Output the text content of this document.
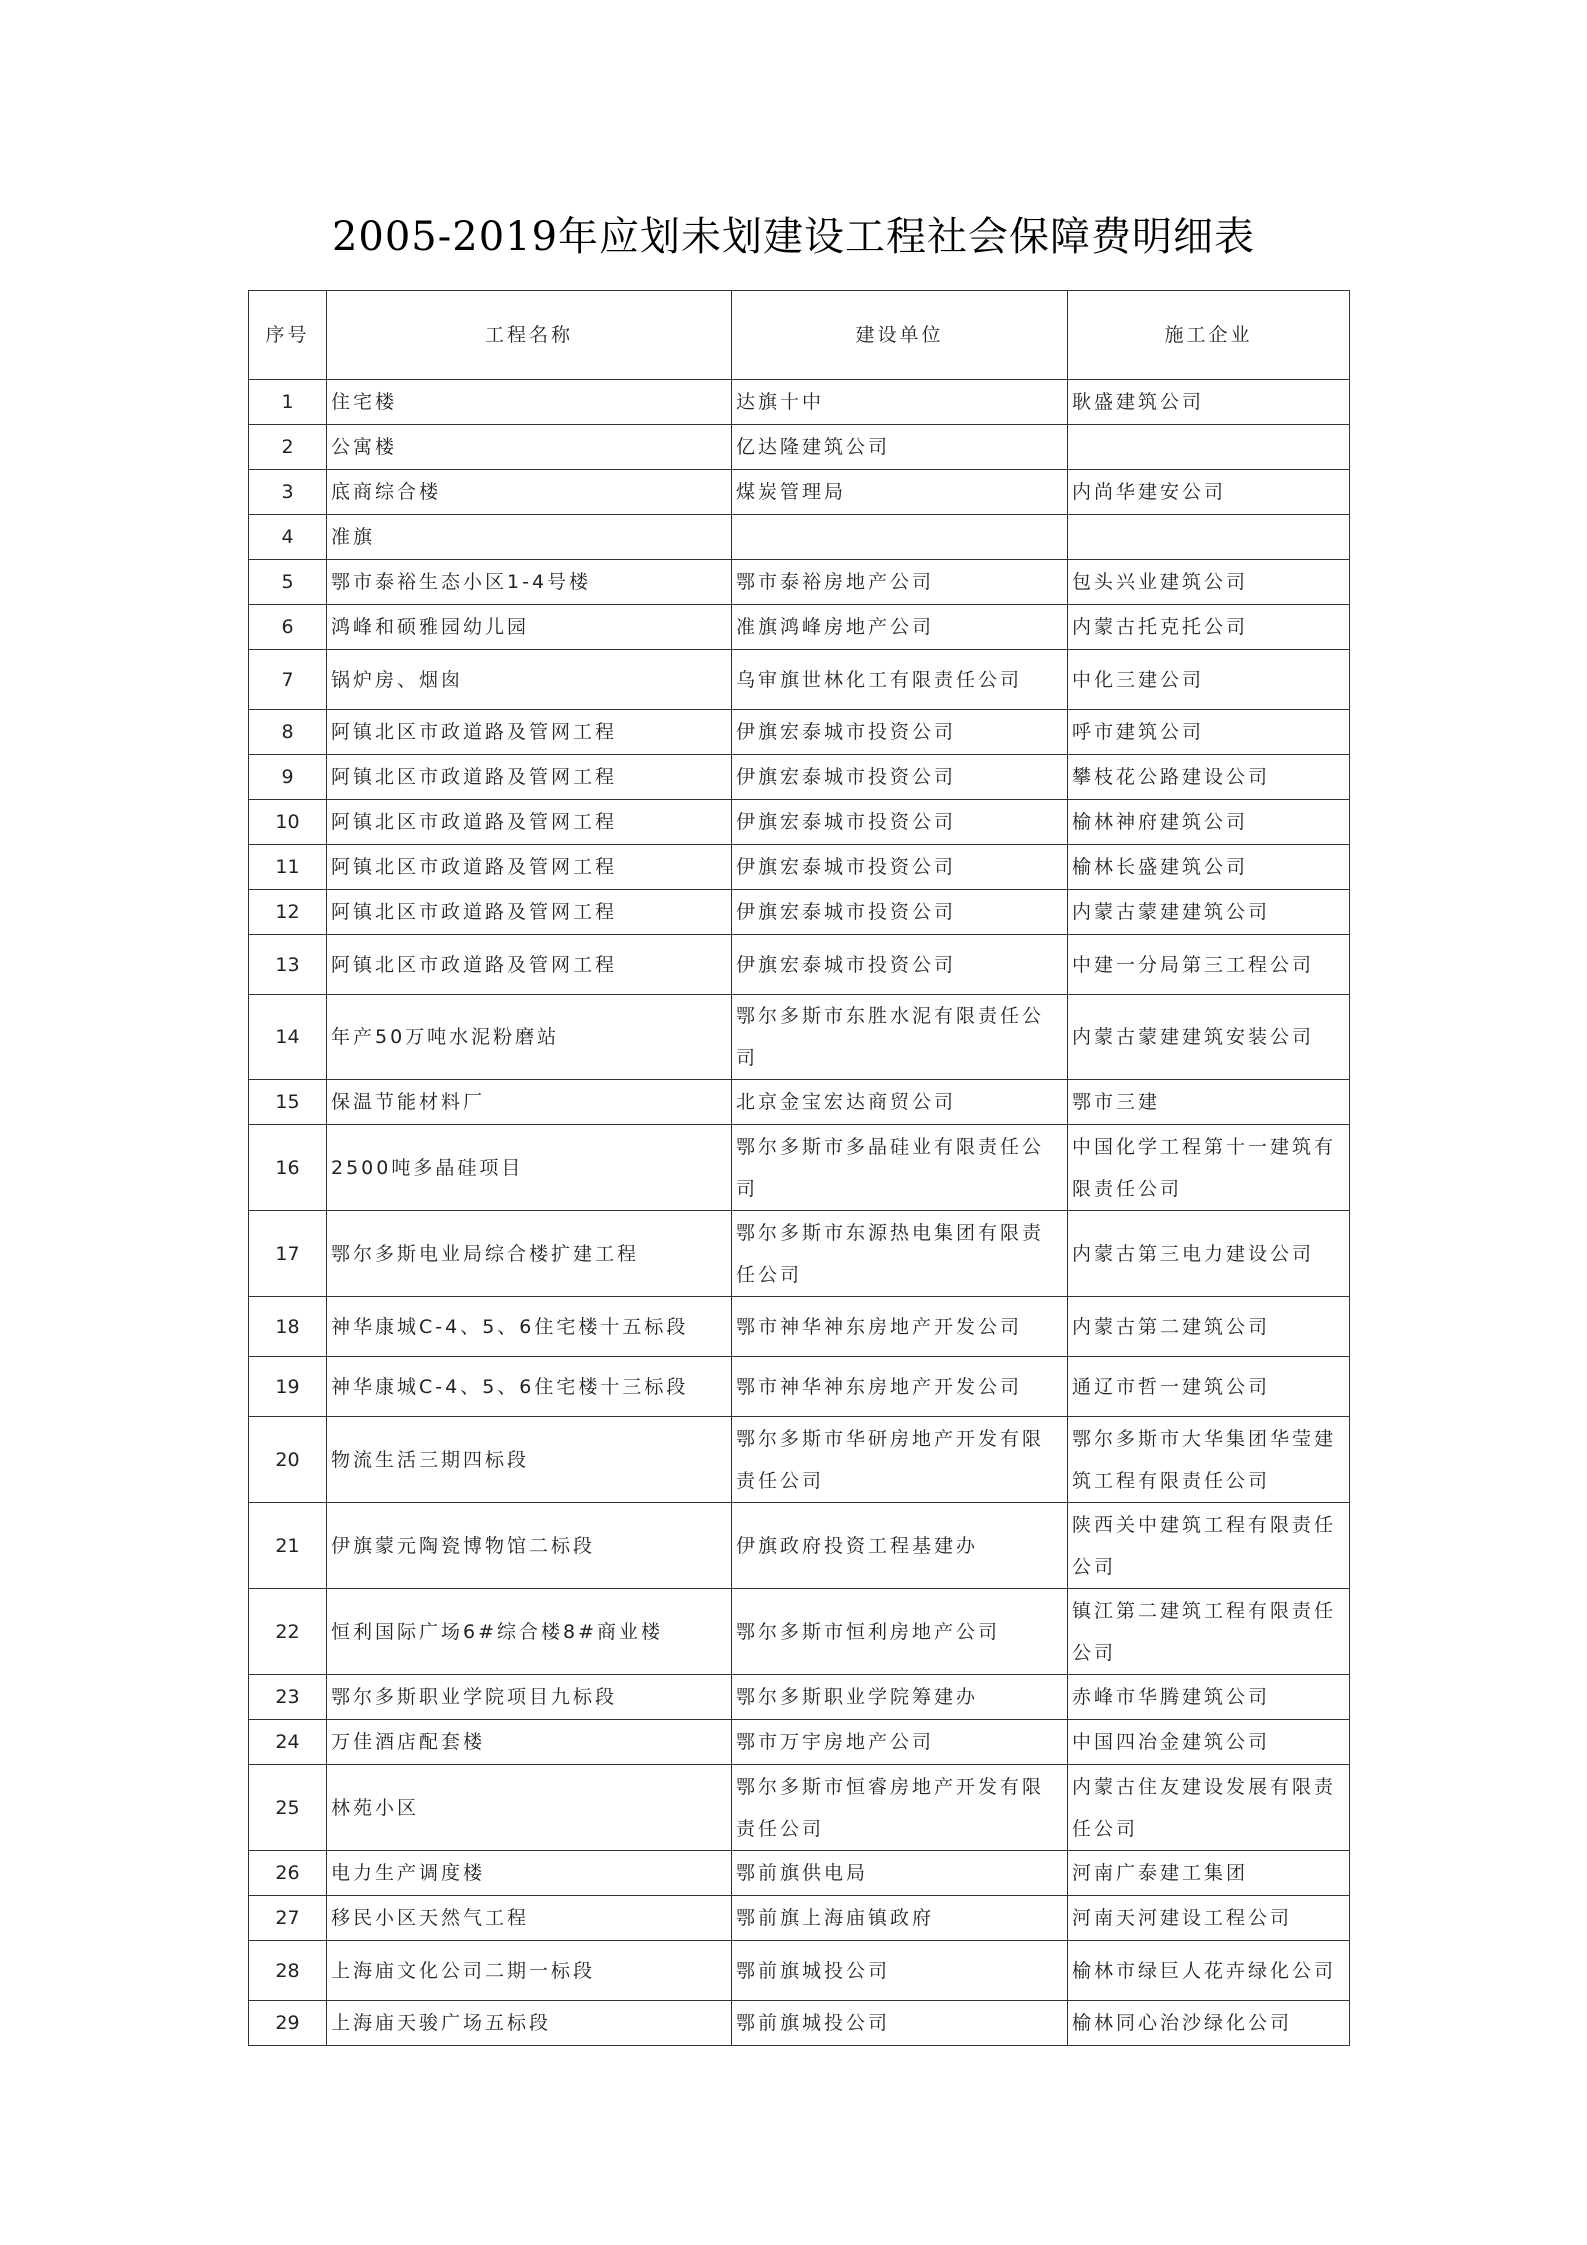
2005-2019年应划未划建设工程社会保障费明细表
序号	工程名称	建设单位	施工企业
1	住宅楼	达旗十中	耿盛建筑公司
2	公寓楼	亿达隆建筑公司	
3	底商综合楼	煤炭管理局	内尚华建安公司
4	准旗		
5	鄂市泰裕生态小区1-4号楼	鄂市泰裕房地产公司	包头兴业建筑公司
6	鸿峰和硕雅园幼儿园	准旗鸿峰房地产公司	内蒙古托克托公司
7	锅炉房、烟囱	乌审旗世林化工有限责任公司	中化三建公司
8	阿镇北区市政道路及管网工程	伊旗宏泰城市投资公司	呼市建筑公司
9	阿镇北区市政道路及管网工程	伊旗宏泰城市投资公司	攀枝花公路建设公司
10	阿镇北区市政道路及管网工程	伊旗宏泰城市投资公司	榆林神府建筑公司
11	阿镇北区市政道路及管网工程	伊旗宏泰城市投资公司	榆林长盛建筑公司
12	阿镇北区市政道路及管网工程	伊旗宏泰城市投资公司	内蒙古蒙建建筑公司
13	阿镇北区市政道路及管网工程	伊旗宏泰城市投资公司	中建一分局第三工程公司
14	年产50万吨水泥粉磨站	鄂尔多斯市东胜水泥有限责任公司	内蒙古蒙建建筑安装公司
15	保温节能材料厂	北京金宝宏达商贸公司	鄂市三建
16	2500吨多晶硅项目	鄂尔多斯市多晶硅业有限责任公司	中国化学工程第十一建筑有限责任公司
17	鄂尔多斯电业局综合楼扩建工程	鄂尔多斯市东源热电集团有限责任公司	内蒙古第三电力建设公司
18	神华康城C-4、5、6住宅楼十五标段	鄂市神华神东房地产开发公司	内蒙古第二建筑公司
19	神华康城C-4、5、6住宅楼十三标段	鄂市神华神东房地产开发公司	通辽市哲一建筑公司
20	物流生活三期四标段	鄂尔多斯市华研房地产开发有限责任公司	鄂尔多斯市大华集团华莹建筑工程有限责任公司
21	伊旗蒙元陶瓷博物馆二标段	伊旗政府投资工程基建办	陕西关中建筑工程有限责任公司
22	恒利国际广场6#综合楼8#商业楼	鄂尔多斯市恒利房地产公司	镇江第二建筑工程有限责任公司
23	鄂尔多斯职业学院项目九标段	鄂尔多斯职业学院筹建办	赤峰市华腾建筑公司
24	万佳酒店配套楼	鄂市万宇房地产公司	中国四冶金建筑公司
25	林苑小区	鄂尔多斯市恒睿房地产开发有限责任公司	内蒙古住友建设发展有限责任公司
26	电力生产调度楼	鄂前旗供电局	河南广泰建工集团
27	移民小区天然气工程	鄂前旗上海庙镇政府	河南天河建设工程公司
28	上海庙文化公司二期一标段	鄂前旗城投公司	榆林市绿巨人花卉绿化公司
29	上海庙天骏广场五标段	鄂前旗城投公司	榆林同心治沙绿化公司
